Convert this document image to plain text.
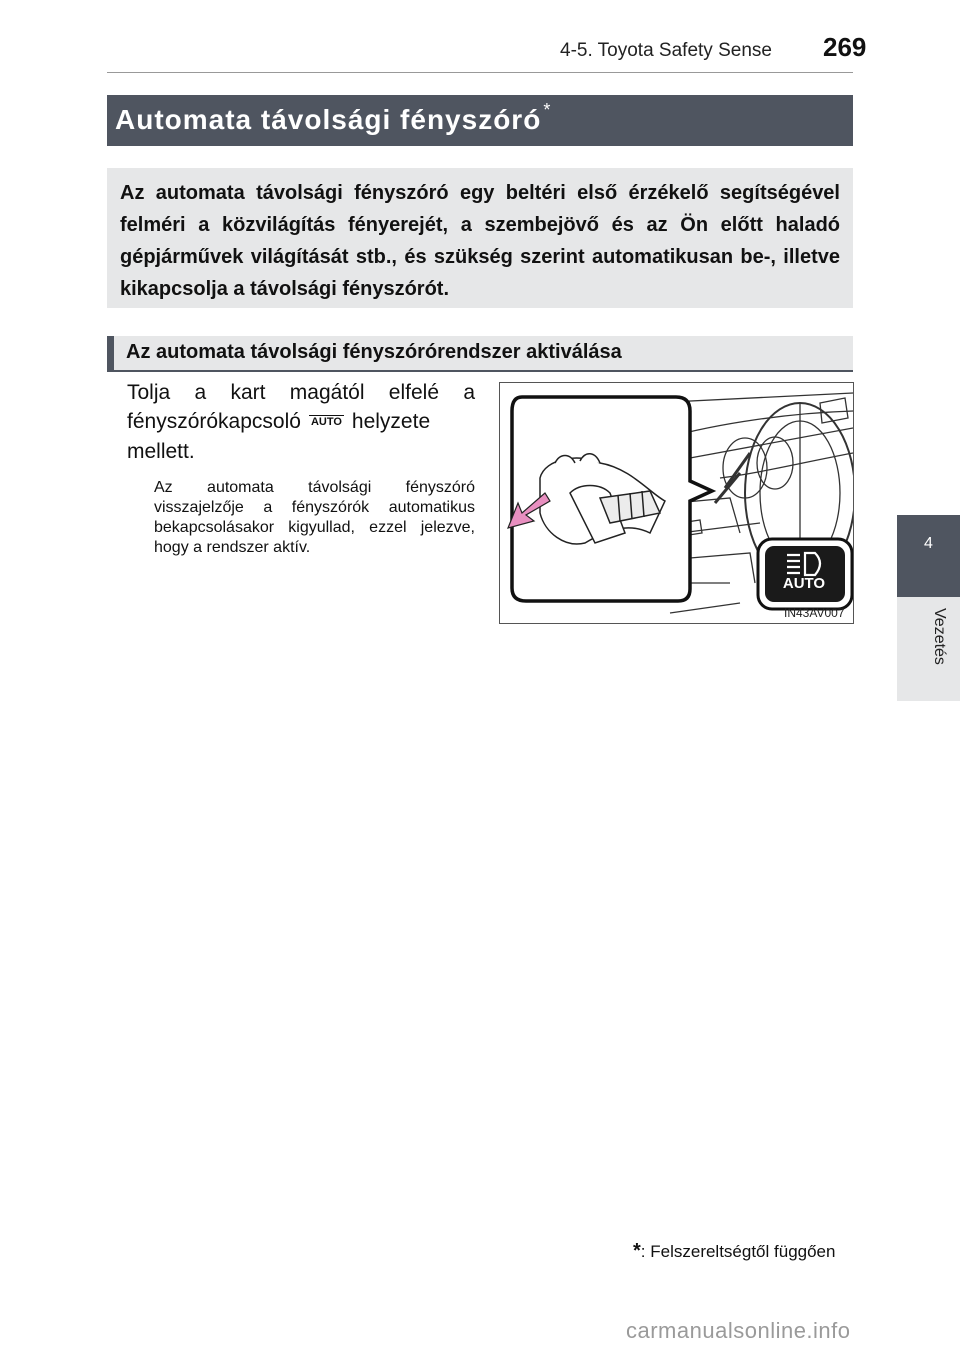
4-5. Toyota Safety Sense 269
4
Vezetés
Automata távolsági fényszóró *
Az automata távolsági fényszóró egy beltéri első érzékelő segítségével felméri a közvilágítás fényerejét, a szembejövő és az Ön előtt haladó gépjárművek világítását stb., és szükség szerint automatikusan be-, illetve kikapcsolja a távolsági fényszórót.
Az automata távolsági fényszórórendszer aktiválása
Tolja a kart magától elfelé a fényszórókapcsoló AUTO helyzete mellett.
Az automata távolsági fényszóró visszajelzője a fényszórók automatikus bekapcsolásakor kigyullad, ezzel jelezve, hogy a rendszer aktív.
AUTO
IN43AV007
*: Felszereltségtől függően
carmanualsonline.info
